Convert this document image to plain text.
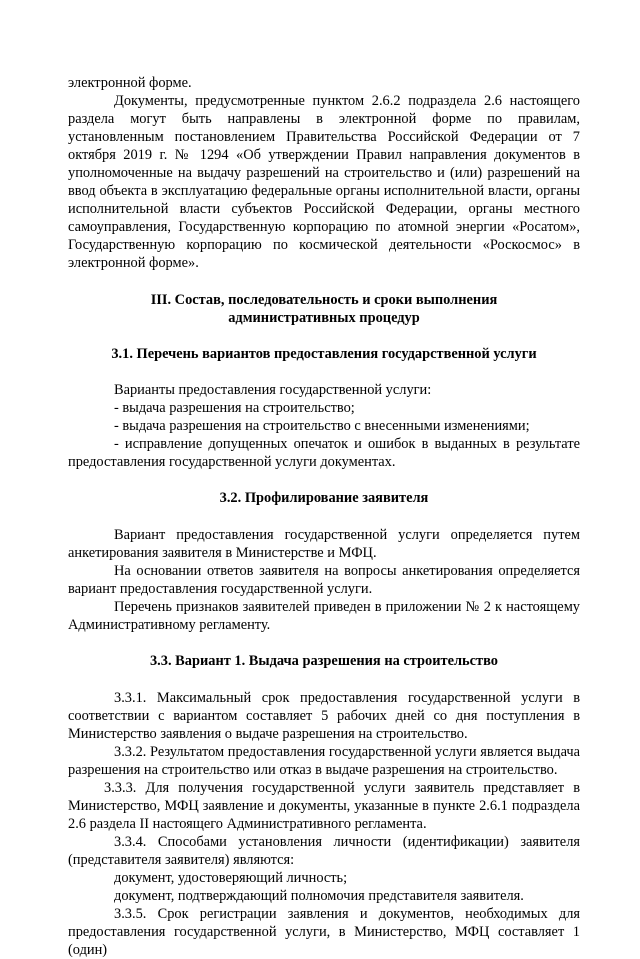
электронной форме.

Документы, предусмотренные пунктом 2.6.2 подраздела 2.6 настоящего раздела могут быть направлены в электронной форме по правилам, установленным постановлением Правительства Российской Федерации от 7 октября 2019 г. № 1294 «Об утверждении Правил направления документов в уполномоченные на выдачу разрешений на строительство и (или) разрешений на ввод объекта в эксплуатацию федеральные органы исполнительной власти, органы исполнительной власти субъектов Российской Федерации, органы местного самоуправления, Государственную корпорацию по атомной энергии «Росатом», Государственную корпорацию по космической деятельности «Роскосмос» в электронной форме».

III. Состав, последовательность и сроки выполнения
административных процедур
3.1. Перечень вариантов предоставления государственной услуги

Варианты предоставления государственной услуги:

- выдача разрешения на строительство;

- выдача разрешения на строительство с внесенными изменениями;

- исправление допущенных опечаток и ошибок в выданных в результате предоставления государственной услуги документах.

3.2. Профилирование заявителя

Вариант предоставления государственной услуги определяется путем анкетирования заявителя в Министерстве и МФЦ.

На основании ответов заявителя на вопросы анкетирования определяется вариант предоставления государственной услуги.

Перечень признаков заявителей приведен в приложении № 2 к настоящему Административному регламенту.

3.3. Вариант 1. Выдача разрешения на строительство

3.3.1. Максимальный срок предоставления государственной услуги в соответствии с вариантом составляет 5 рабочих дней со дня поступления в Министерство заявления о выдаче разрешения на строительство.

3.3.2. Результатом предоставления государственной услуги является выдача разрешения на строительство или отказ в выдаче разрешения на строительство.

3.3.3. Для получения государственной услуги заявитель представляет в Министерство, МФЦ заявление и документы, указанные в пункте 2.6.1 подраздела 2.6 раздела II настоящего Административного регламента.

3.3.4. Способами установления личности (идентификации) заявителя (представителя заявителя) являются:

документ, удостоверяющий личность;

документ, подтверждающий полномочия представителя заявителя.

3.3.5. Срок регистрации заявления и документов, необходимых для предоставления государственной услуги, в Министерство, МФЦ составляет 1 (один)
